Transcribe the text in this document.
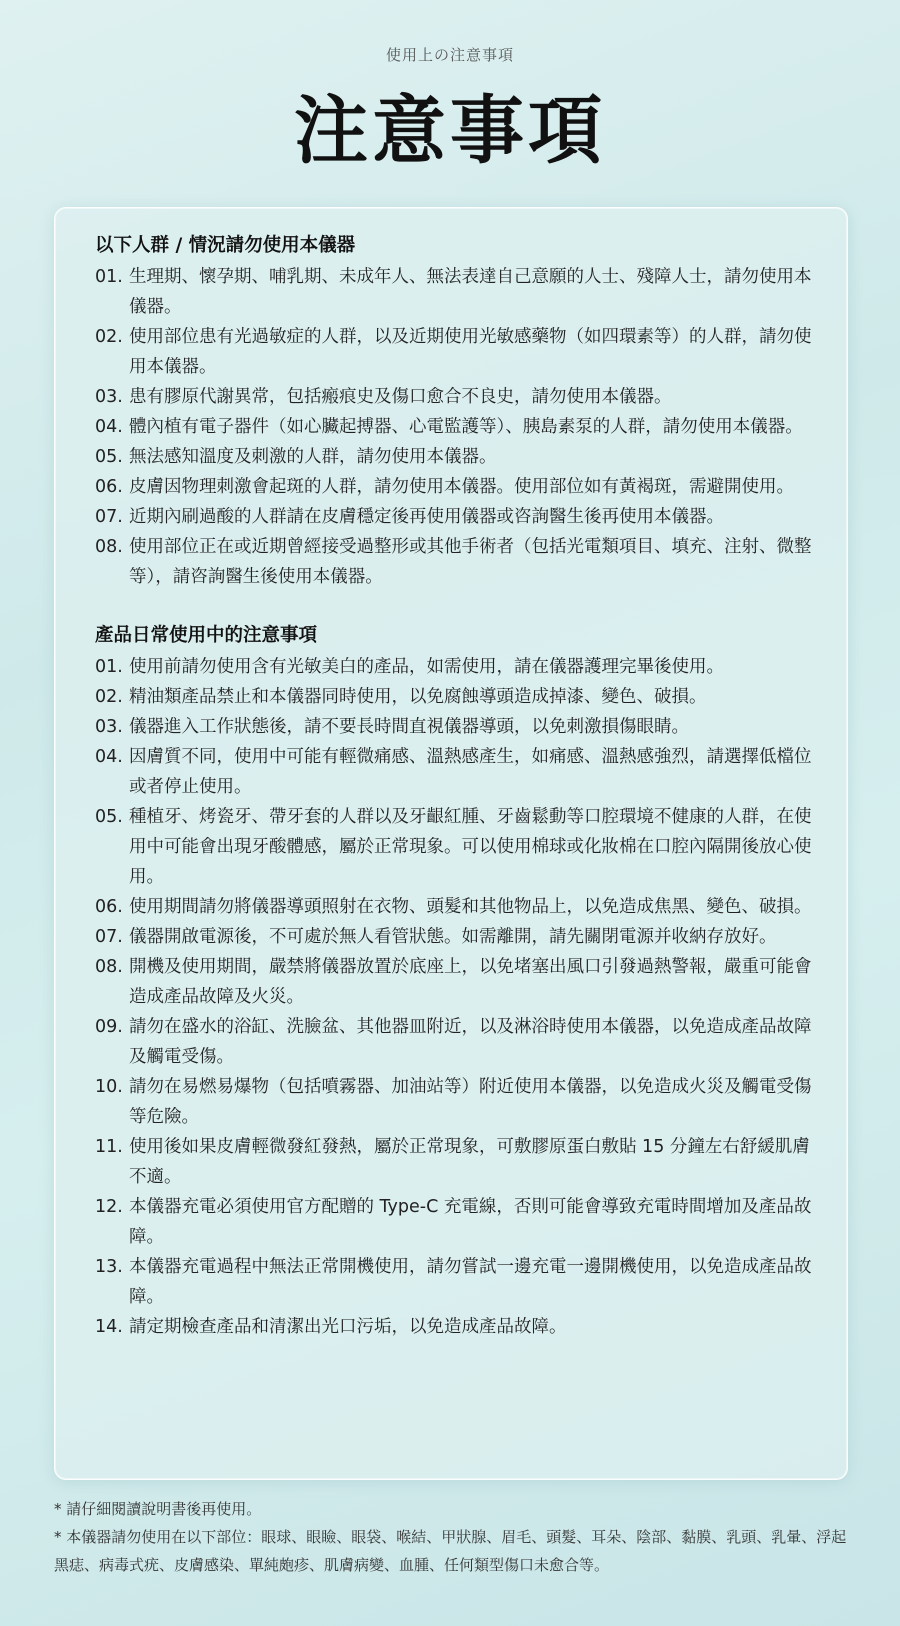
使用上の注意事項
注意事項
以下人群 / 情況請勿使用本儀器
01. 生理期、懷孕期、哺乳期、未成年人、無法表達自己意願的人士、殘障人士，請勿使用本儀器。
02. 使用部位患有光過敏症的人群，以及近期使用光敏感藥物（如四環素等）的人群，請勿使用本儀器。
03. 患有膠原代謝異常，包括瘢痕史及傷口愈合不良史，請勿使用本儀器。
04. 體內植有電子器件（如心臟起搏器、心電監護等）、胰島素泵的人群，請勿使用本儀器。
05. 無法感知溫度及刺激的人群，請勿使用本儀器。
06. 皮膚因物理刺激會起斑的人群，請勿使用本儀器。使用部位如有黃褐斑，需避開使用。
07. 近期內刷過酸的人群請在皮膚穩定後再使用儀器或咨詢醫生後再使用本儀器。
08. 使用部位正在或近期曾經接受過整形或其他手術者（包括光電類項目、填充、注射、微整等），請咨詢醫生後使用本儀器。
產品日常使用中的注意事項
01. 使用前請勿使用含有光敏美白的產品，如需使用，請在儀器護理完畢後使用。
02. 精油類產品禁止和本儀器同時使用，以免腐蝕導頭造成掉漆、變色、破損。
03. 儀器進入工作狀態後，請不要長時間直視儀器導頭，以免刺激損傷眼睛。
04. 因膚質不同，使用中可能有輕微痛感、溫熱感產生，如痛感、溫熱感強烈，請選擇低檔位或者停止使用。
05. 種植牙、烤瓷牙、帶牙套的人群以及牙齦紅腫、牙齒鬆動等口腔環境不健康的人群，在使用中可能會出現牙酸體感，屬於正常現象。可以使用棉球或化妝棉在口腔內隔開後放心使用。
06. 使用期間請勿將儀器導頭照射在衣物、頭髮和其他物品上，以免造成焦黑、變色、破損。
07. 儀器開啟電源後，不可處於無人看管狀態。如需離開，請先關閉電源并收納存放好。
08. 開機及使用期間，嚴禁將儀器放置於底座上，以免堵塞出風口引發過熱警報，嚴重可能會造成產品故障及火災。
09. 請勿在盛水的浴缸、洗臉盆、其他器皿附近，以及淋浴時使用本儀器，以免造成產品故障及觸電受傷。
10. 請勿在易燃易爆物（包括噴霧器、加油站等）附近使用本儀器，以免造成火災及觸電受傷等危險。
11. 使用後如果皮膚輕微發紅發熱，屬於正常現象，可敷膠原蛋白敷貼 15 分鐘左右舒緩肌膚不適。
12. 本儀器充電必須使用官方配贈的 Type-C 充電線，否則可能會導致充電時間增加及產品故障。
13. 本儀器充電過程中無法正常開機使用，請勿嘗試一邊充電一邊開機使用，以免造成產品故障。
14. 請定期檢查產品和清潔出光口污垢，以免造成產品故障。

* 請仔細閱讀說明書後再使用。

* 本儀器請勿使用在以下部位：眼球、眼瞼、眼袋、喉結、甲狀腺、眉毛、頭髮、耳朵、陰部、黏膜、乳頭、乳暈、浮起黑痣、病毒式疣、皮膚感染、單純皰疹、肌膚病變、血腫、任何類型傷口未愈合等。
